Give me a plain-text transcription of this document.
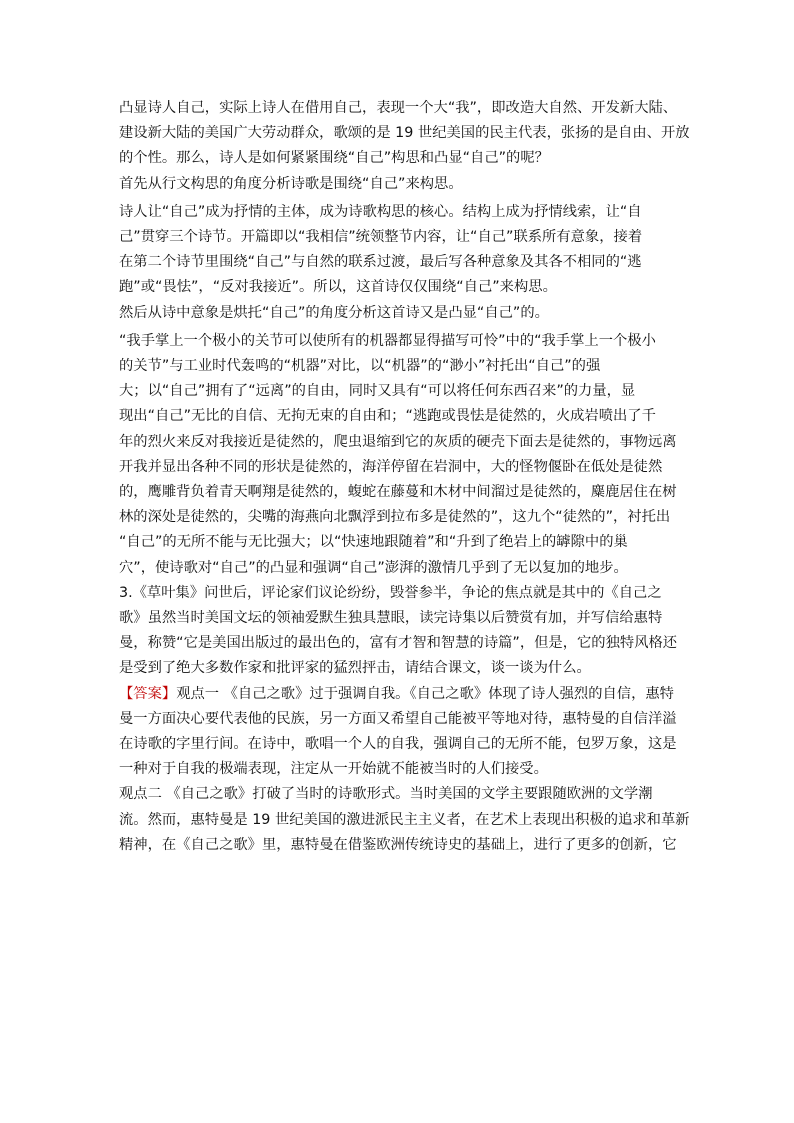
凸显诗人自己，实际上诗人在借用自己，表现一个大“我”，即改造大自然、开发新大陆、
建设新大陆的美国广大劳动群众，歌颂的是 19 世纪美国的民主代表，张扬的是自由、开放
的个性。那么，诗人是如何紧紧围绕“自己”构思和凸显“自己”的呢？
首先从行文构思的角度分析诗歌是围绕“自己”来构思。
诗人让“自己”成为抒情的主体，成为诗歌构思的核心。结构上成为抒情线索，让“自
己”贯穿三个诗节。开篇即以“我相信”统领整节内容，让“自己”联系所有意象，接着
在第二个诗节里围绕“自己”与自然的联系过渡，最后写各种意象及其各不相同的“逃
跑”或“畏怯”，“反对我接近”。所以，这首诗仅仅围绕“自己”来构思。
然后从诗中意象是烘托“自己”的角度分析这首诗又是凸显“自己”的。
“我手掌上一个极小的关节可以使所有的机器都显得描写可怜”中的“我手掌上一个极小
的关节”与工业时代轰鸣的“机器”对比，以“机器”的“渺小”衬托出“自己”的强
大；以“自己”拥有了“远离”的自由，同时又具有“可以将任何东西召来”的力量，显
现出“自己”无比的自信、无拘无束的自由和；“逃跑或畏怯是徒然的，火成岩喷出了千
年的烈火来反对我接近是徒然的，爬虫退缩到它的灰质的硬壳下面去是徒然的，事物远离
开我并显出各种不同的形状是徒然的，海洋停留在岩洞中，大的怪物偃卧在低处是徒然
的，鹰雕背负着青天啊翔是徒然的，蝮蛇在藤蔓和木材中间溜过是徒然的，麋鹿居住在树
林的深处是徒然的，尖嘴的海燕向北飘浮到拉布多是徒然的”，这九个“徒然的”，衬托出
“自己”的无所不能与无比强大；以“快速地跟随着”和“升到了绝岩上的罅隙中的巢
穴”，使诗歌对“自己”的凸显和强调“自己”澎湃的激情几乎到了无以复加的地步。
3.《草叶集》问世后，评论家们议论纷纷，毁誉参半，争论的焦点就是其中的《自己之
歌》虽然当时美国文坛的领袖爱默生独具慧眼，读完诗集以后赞赏有加，并写信给惠特
曼，称赞“它是美国出版过的最出色的，富有才智和智慧的诗篇”，但是，它的独特风格还
是受到了绝大多数作家和批评家的猛烈抨击，请结合课文，谈一谈为什么。
【答案】观点一 《自己之歌》过于强调自我。《自己之歌》体现了诗人强烈的自信，惠特
曼一方面决心要代表他的民族，另一方面又希望自己能被平等地对待，惠特曼的自信洋溢
在诗歌的字里行间。在诗中，歌唱一个人的自我，强调自己的无所不能，包罗万象，这是
一种对于自我的极端表现，注定从一开始就不能被当时的人们接受。
观点二 《自己之歌》打破了当时的诗歌形式。当时美国的文学主要跟随欧洲的文学潮
流。然而，惠特曼是 19 世纪美国的激进派民主主义者，在艺术上表现出积极的追求和革新
精神，在《自己之歌》里，惠特曼在借鉴欧洲传统诗史的基础上，进行了更多的创新，它
